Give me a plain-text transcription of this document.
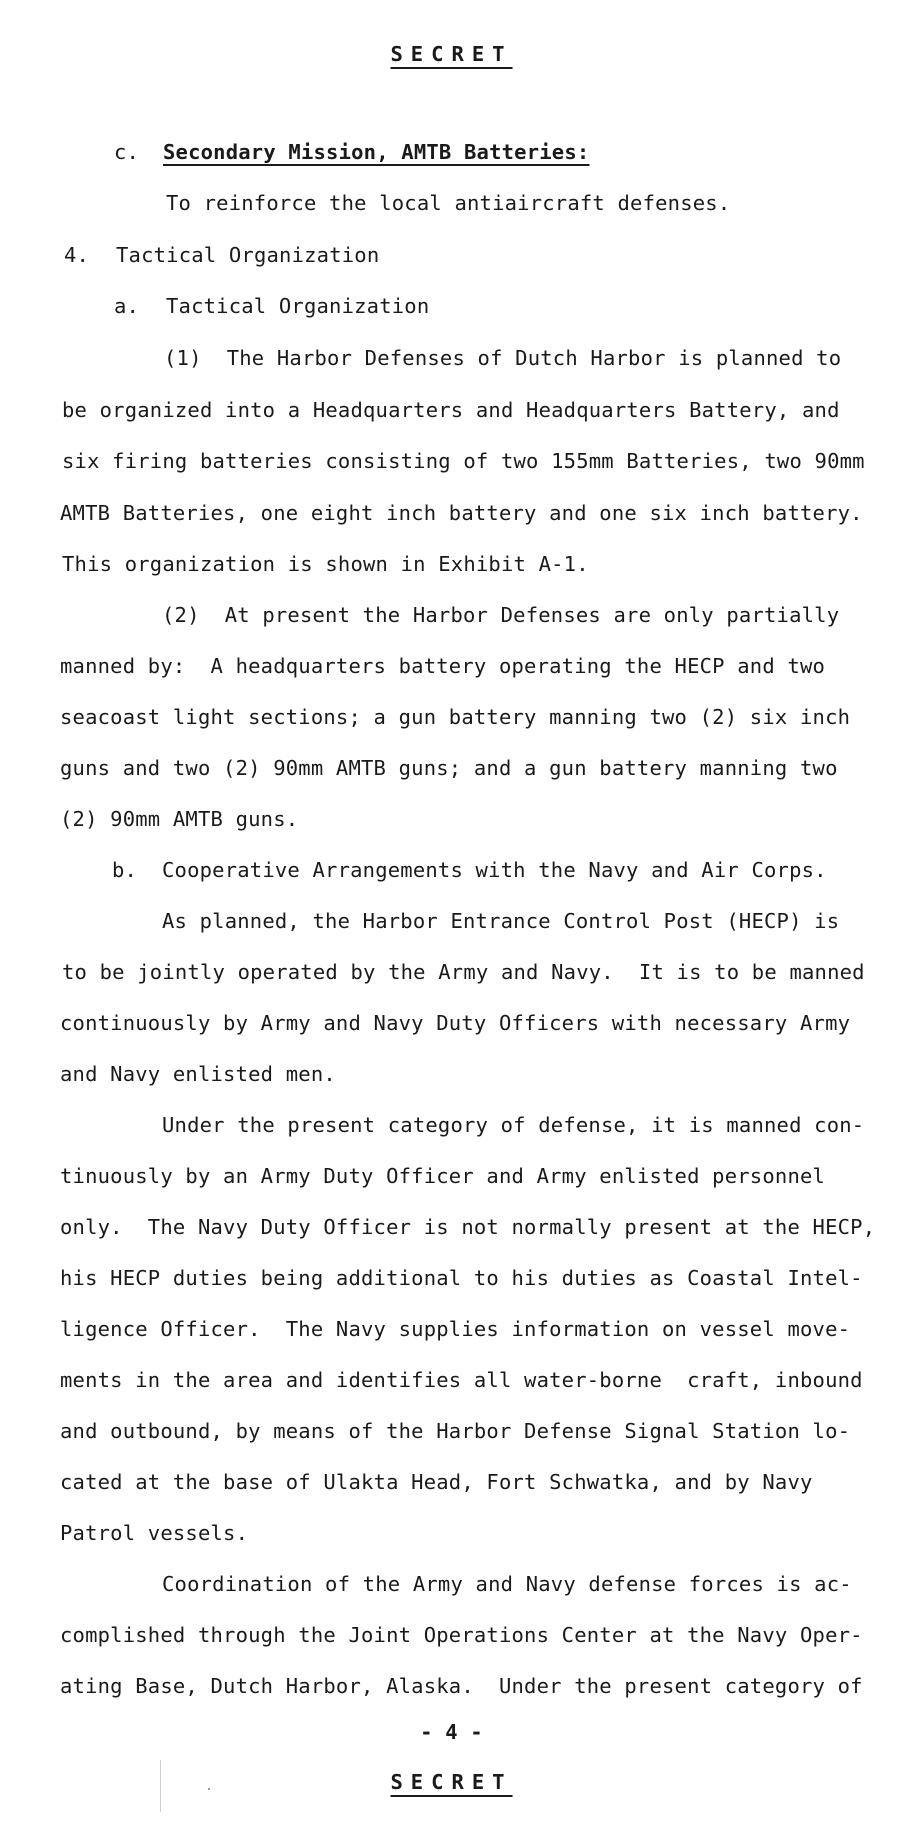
SECRET
c. Secondary Mission, AMTB Batteries:
To reinforce the local antiaircraft defenses.
4. Tactical Organization
a. Tactical Organization
(1)  The Harbor Defenses of Dutch Harbor is planned to
be organized into a Headquarters and Headquarters Battery, and
six firing batteries consisting of two 155mm Batteries, two 90mm
AMTB Batteries, one eight inch battery and one six inch battery.
This organization is shown in Exhibit A-1.
(2)  At present the Harbor Defenses are only partially
manned by:  A headquarters battery operating the HECP and two
seacoast light sections; a gun battery manning two (2) six inch
guns and two (2) 90mm AMTB guns; and a gun battery manning two
(2) 90mm AMTB guns.
b. Cooperative Arrangements with the Navy and Air Corps.
As planned, the Harbor Entrance Control Post (HECP) is
to be jointly operated by the Army and Navy.  It is to be manned
continuously by Army and Navy Duty Officers with necessary Army
and Navy enlisted men.
Under the present category of defense, it is manned con-
tinuously by an Army Duty Officer and Army enlisted personnel
only.  The Navy Duty Officer is not normally present at the HECP,
his HECP duties being additional to his duties as Coastal Intel-
ligence Officer.  The Navy supplies information on vessel move-
ments in the area and identifies all water-borne  craft, inbound
and outbound, by means of the Harbor Defense Signal Station lo-
cated at the base of Ulakta Head, Fort Schwatka, and by Navy
Patrol vessels.
Coordination of the Army and Navy defense forces is ac-
complished through the Joint Operations Center at the Navy Oper-
ating Base, Dutch Harbor, Alaska.  Under the present category of
- 4 -
SECRET
